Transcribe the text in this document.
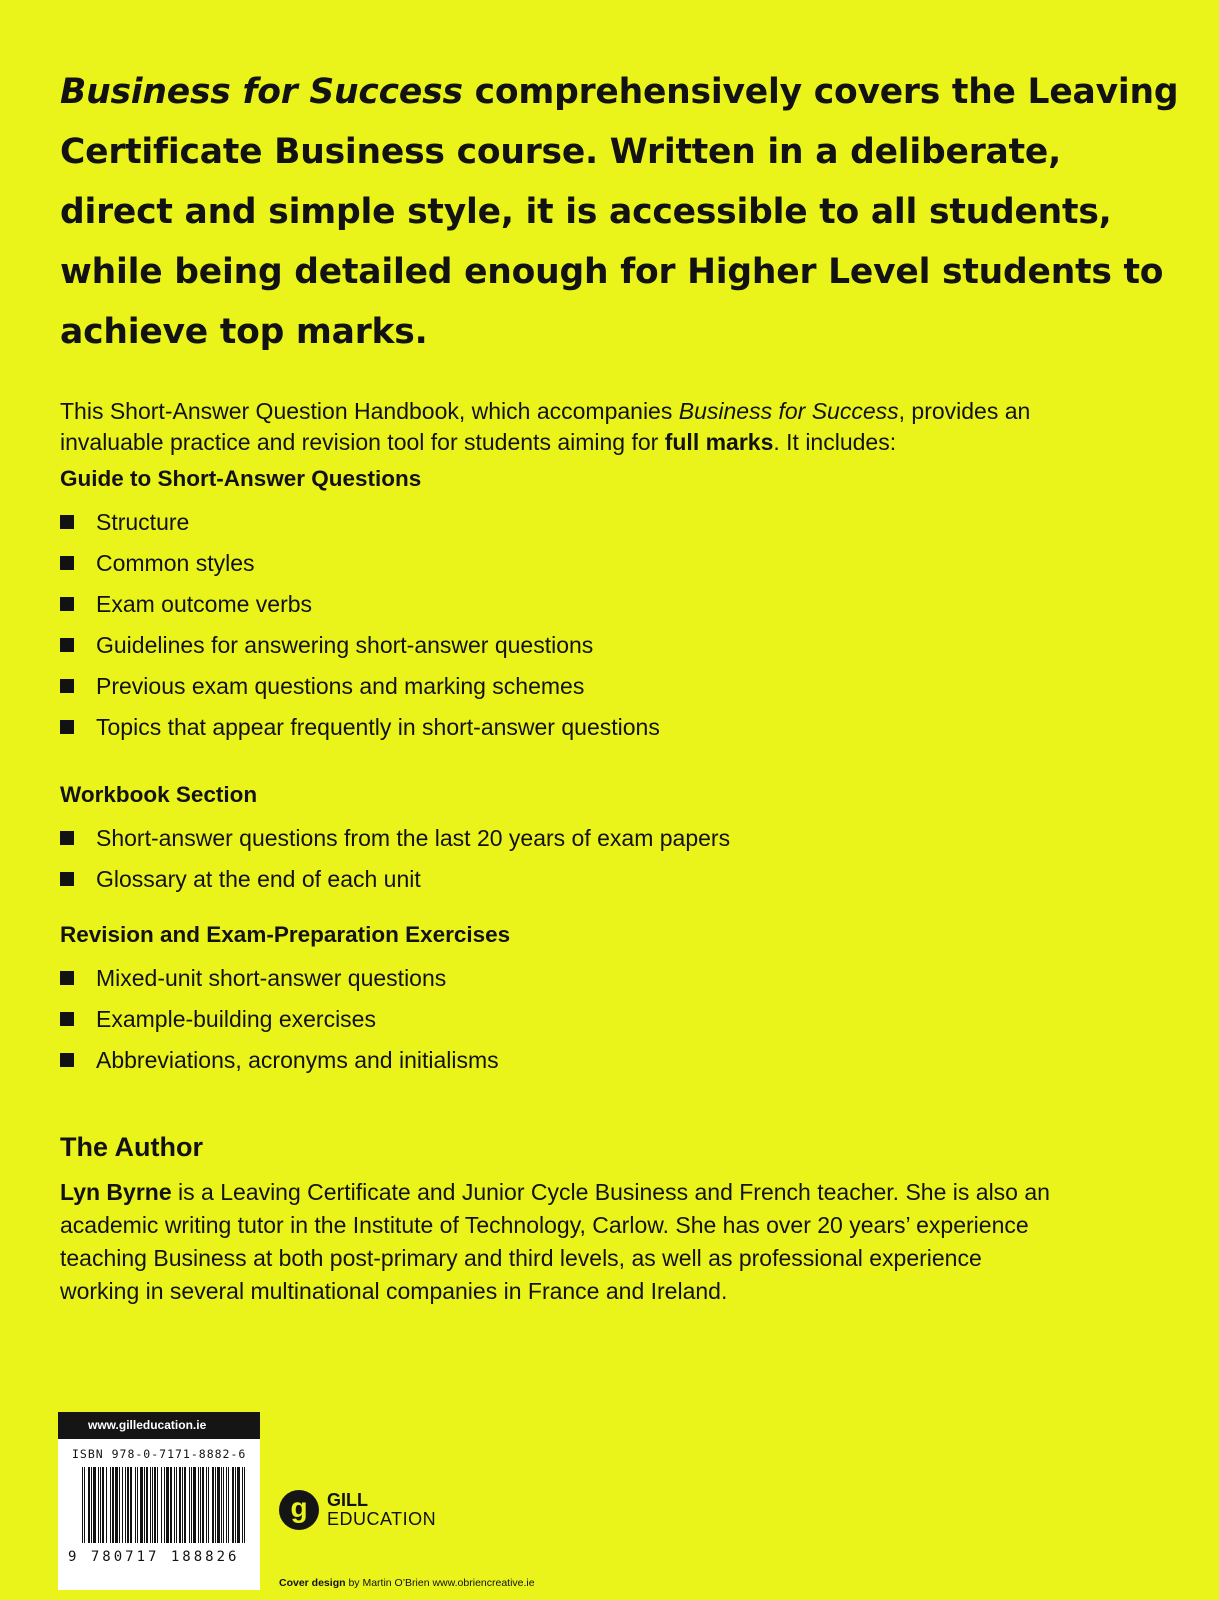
Business for Success comprehensively covers the Leaving
Certificate Business course. Written in a deliberate,
direct and simple style, it is accessible to all students,
while being detailed enough for Higher Level students to
achieve top marks.
This Short-Answer Question Handbook, which accompanies Business for Success, provides an
invaluable practice and revision tool for students aiming for full marks. It includes:
Guide to Short-Answer Questions
Structure
Common styles
Exam outcome verbs
Guidelines for answering short-answer questions
Previous exam questions and marking schemes
Topics that appear frequently in short-answer questions
Workbook Section
Short-answer questions from the last 20 years of exam papers
Glossary at the end of each unit
Revision and Exam-Preparation Exercises
Mixed-unit short-answer questions
Example-building exercises
Abbreviations, acronyms and initialisms
The Author
Lyn Byrne is a Leaving Certificate and Junior Cycle Business and French teacher. She is also an
academic writing tutor in the Institute of Technology, Carlow. She has over 20 years’ experience
teaching Business at both post-primary and third levels, as well as professional experience
working in several multinational companies in France and Ireland.
www.gilleducation.ie
ISBN 978-0-7171-8882-6
9 780717 188826
g	GILL
EDUCATION
Cover design by Martin O’Brien www.obriencreative.ie
